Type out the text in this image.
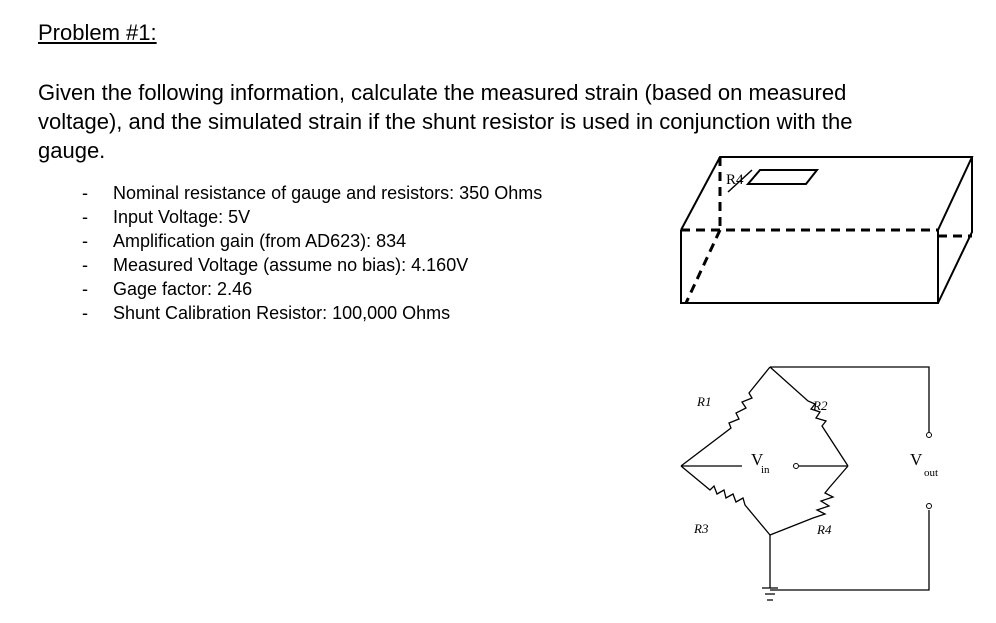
Problem #1:

Given the following information, calculate the measured strain (based on measured voltage), and the simulated strain if the shunt resistor is used in conjunction with the gauge.

- Nominal resistance of gauge and resistors: 350 Ohms
- Input Voltage: 5V
- Amplification gain (from AD623): 834
- Measured Voltage (assume no bias): 4.160V
- Gage factor: 2.46
- Shunt Calibration Resistor: 100,000 Ohms
R4
R1	R2
R3	R4
V
in
V
out
